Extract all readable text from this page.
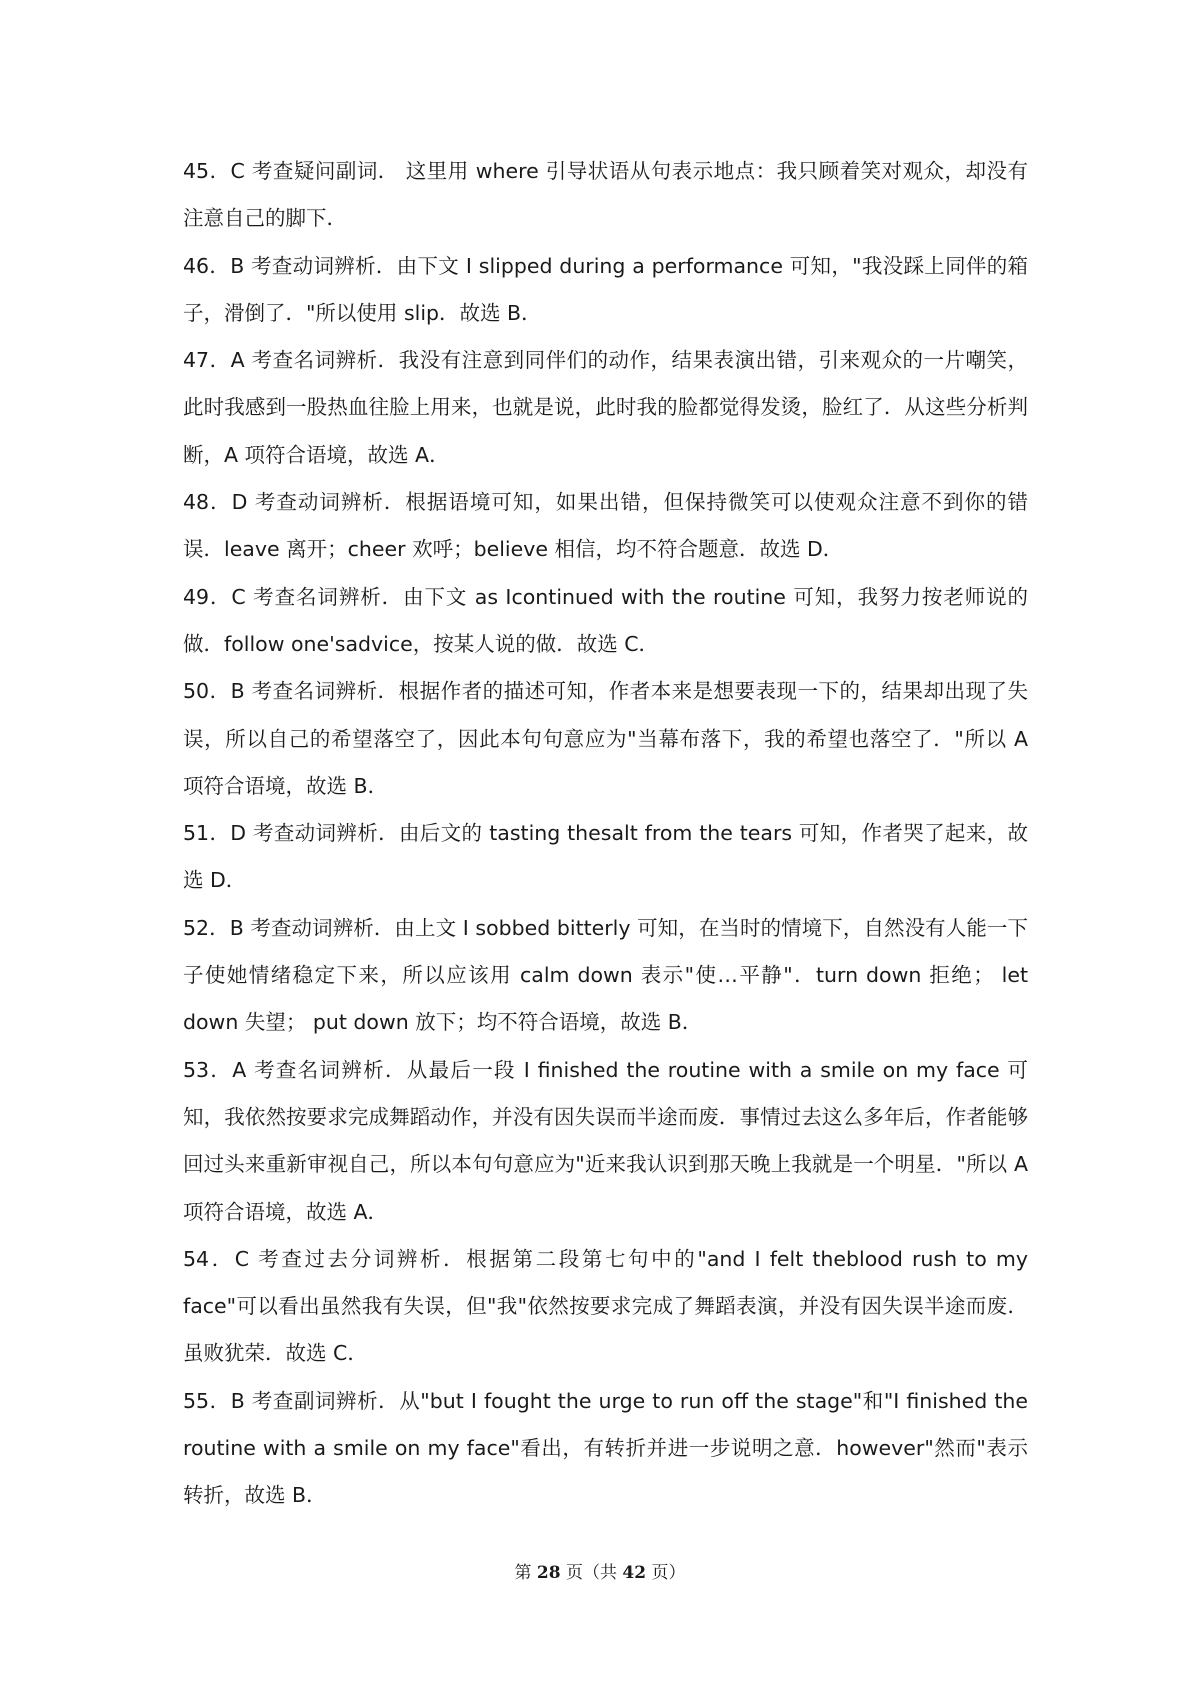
45．C 考查疑问副词． 这里用 where 引导状语从句表示地点：我只顾着笑对观众，却没有注意自己的脚下．

46．B 考查动词辨析．由下文 I slipped during a performance 可知，"我没踩上同伴的箱子，滑倒了．"所以使用 slip．故选 B．

47．A 考查名词辨析．我没有注意到同伴们的动作，结果表演出错，引来观众的一片嘲笑，此时我感到一股热血往脸上用来，也就是说，此时我的脸都觉得发烫，脸红了．从这些分析判断，A 项符合语境，故选 A．

48．D 考查动词辨析．根据语境可知，如果出错，但保持微笑可以使观众注意不到你的错误．leave 离开；cheer 欢呼；believe 相信，均不符合题意．故选 D．

49．C 考查名词辨析．由下文 as Icontinued with the routine 可知，我努力按老师说的做．follow one'sadvice，按某人说的做．故选 C．

50．B 考查名词辨析．根据作者的描述可知，作者本来是想要表现一下的，结果却出现了失误，所以自己的希望落空了，因此本句句意应为"当幕布落下，我的希望也落空了．"所以 A 项符合语境，故选 B．

51．D 考查动词辨析．由后文的 tasting thesalt from the tears 可知，作者哭了起来，故选 D．

52．B 考查动词辨析．由上文 I sobbed bitterly 可知，在当时的情境下，自然没有人能一下子使她情绪稳定下来，所以应该用 calm down 表示"使…平静"．turn down 拒绝； let down 失望； put down 放下；均不符合语境，故选 B．

53．A 考查名词辨析．从最后一段 I finished the routine with a smile on my face 可知，我依然按要求完成舞蹈动作，并没有因失误而半途而废．事情过去这么多年后，作者能够回过头来重新审视自己，所以本句句意应为"近来我认识到那天晚上我就是一个明星．"所以 A 项符合语境，故选 A．

54．C 考查过去分词辨析．根据第二段第七句中的"and I felt theblood rush to my face"可以看出虽然我有失误，但"我"依然按要求完成了舞蹈表演，并没有因失误半途而废．虽败犹荣．故选 C．

55．B 考查副词辨析．从"but I fought the urge to run off the stage"和"I finished the routine with a smile on my face"看出，有转折并进一步说明之意．however"然而"表示转折，故选 B．

第 28 页（共 42 页）
